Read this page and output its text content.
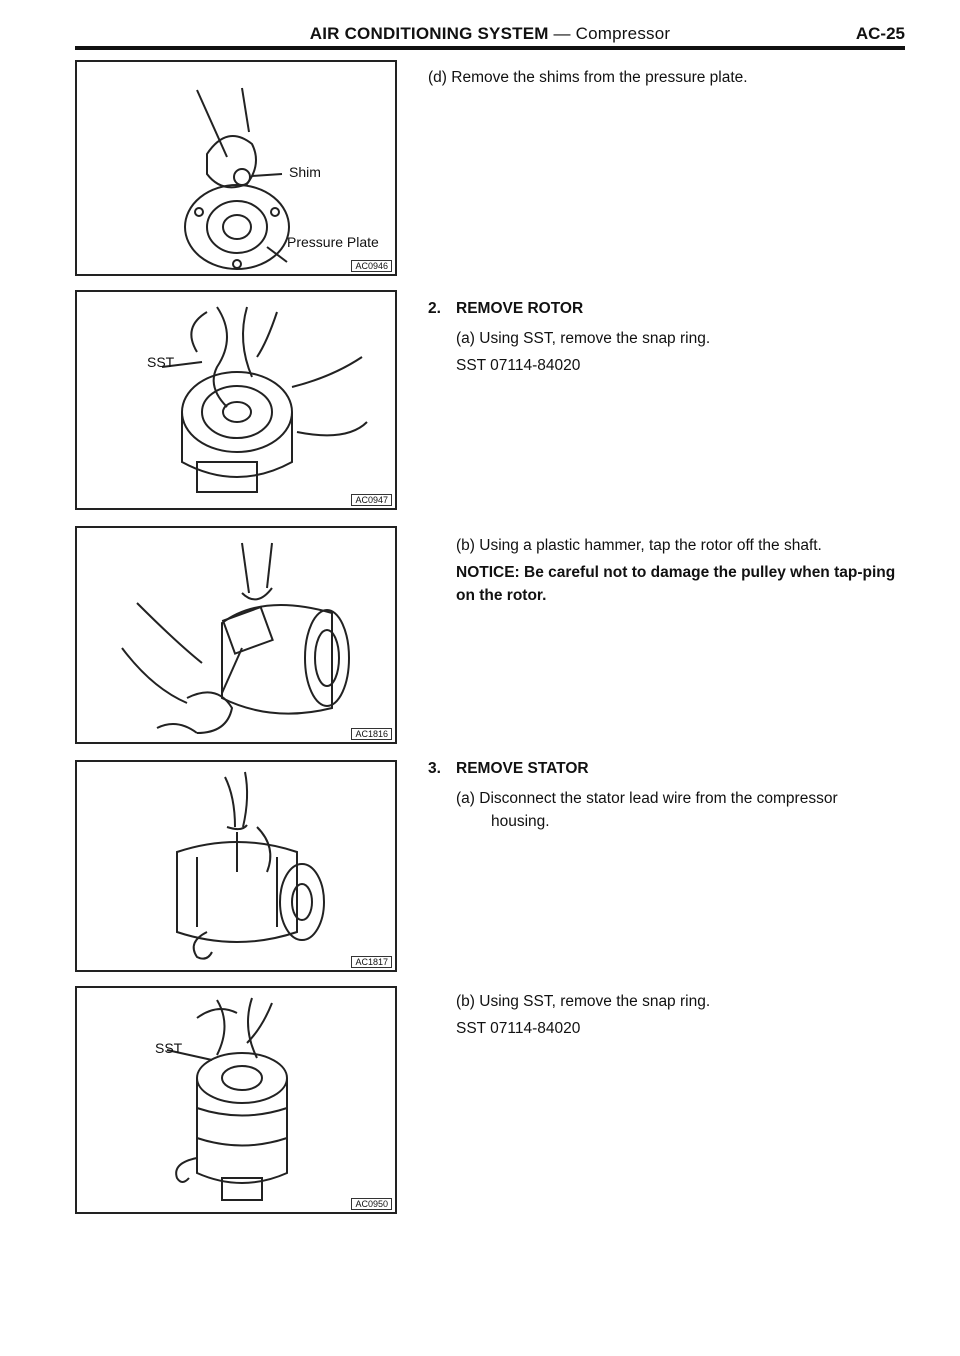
AIR CONDITIONING SYSTEM — Compressor	AC-25
Shim
Pressure Plate
AC0946
SST
AC0947
AC1816
AC1817
SST
AC0950
(d) Remove the shims from the pressure plate.
2. REMOVE ROTOR
(a) Using SST, remove the snap ring.
SST 07114-84020
(b) Using a plastic hammer, tap the rotor off the shaft.
NOTICE: Be careful not to damage the pulley when tap-ping on the rotor.
3. REMOVE STATOR
(a) Disconnect the stator lead wire from the compressor
housing.
(b) Using SST, remove the snap ring.
SST 07114-84020
